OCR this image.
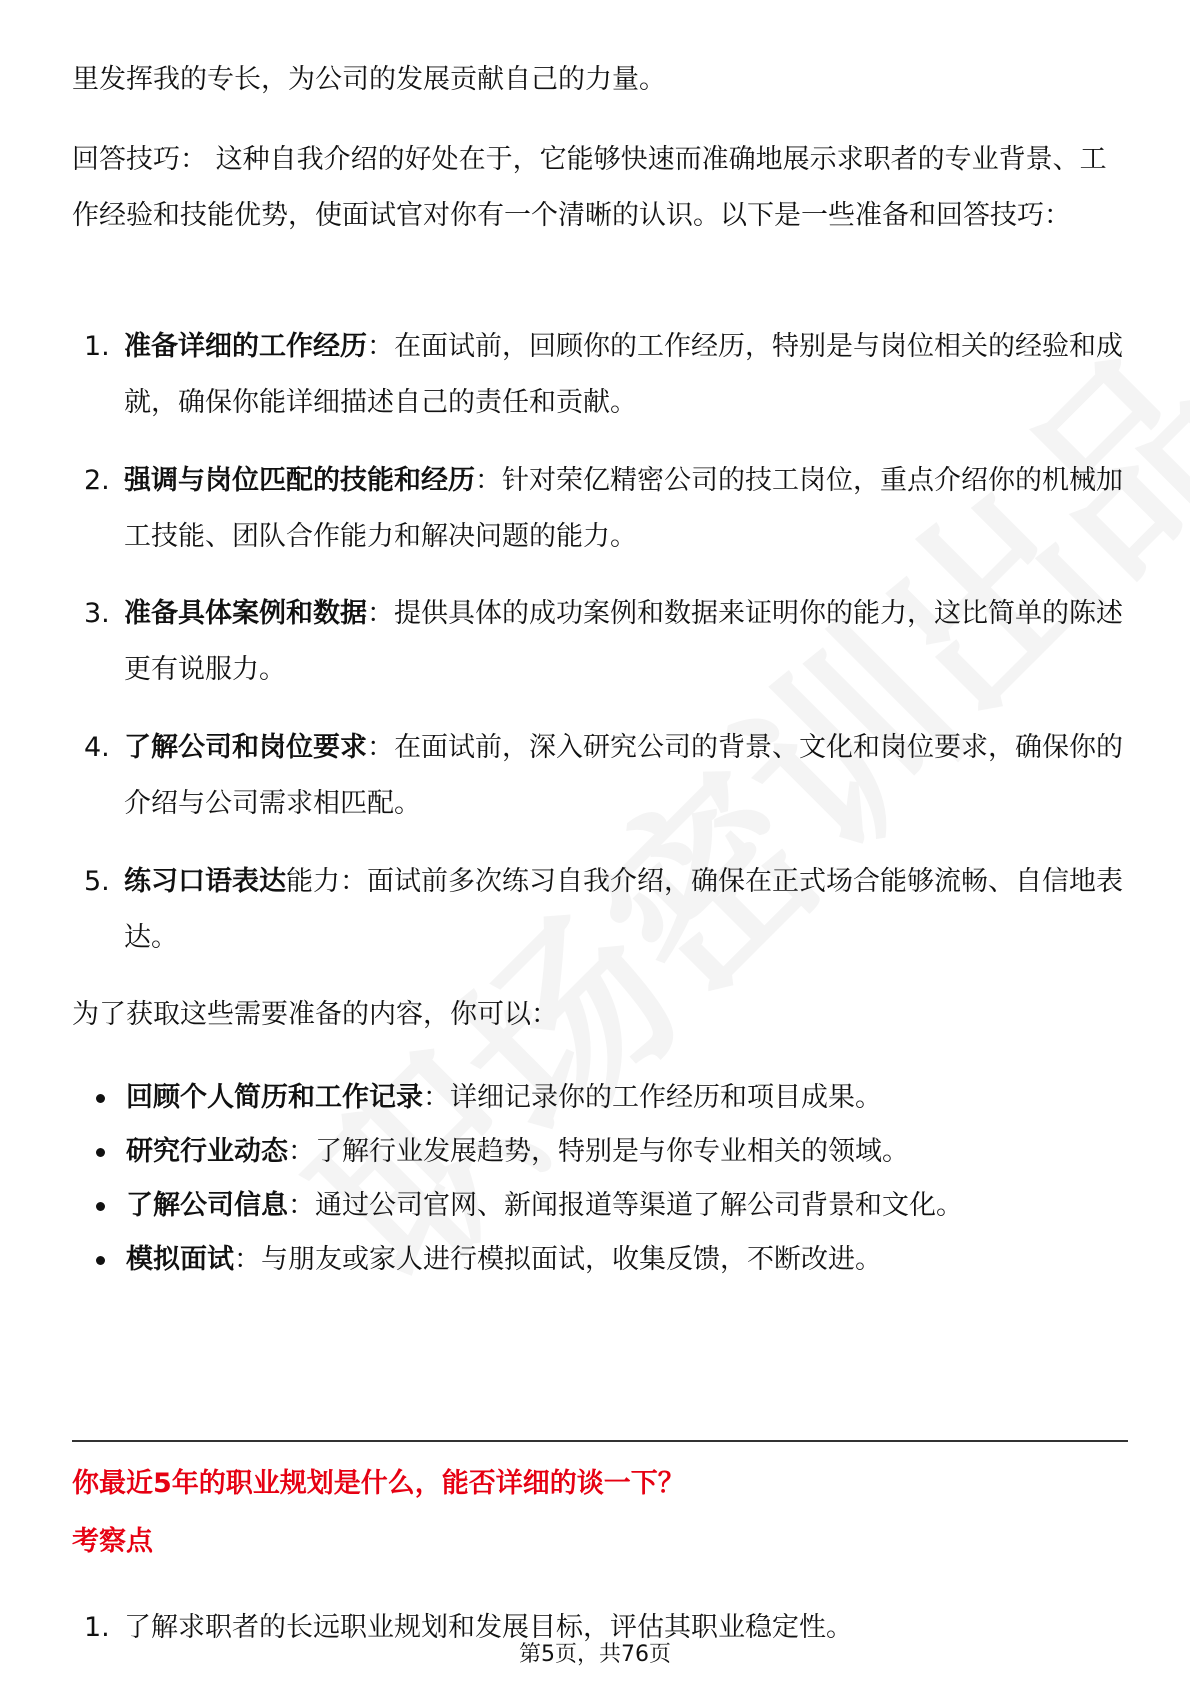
里发挥我的专长，为公司的发展贡献自己的力量。

回答技巧： 这种自我介绍的好处在于，它能够快速而准确地展示求职者的专业背景、工作经验和技能优势，使面试官对你有一个清晰的认识。以下是一些准备和回答技巧：

1. 准备详细的工作经历：在面试前，回顾你的工作经历，特别是与岗位相关的经验和成就，确保你能详细描述自己的责任和贡献。
2. 强调与岗位匹配的技能和经历：针对荣亿精密公司的技工岗位，重点介绍你的机械加工技能、团队合作能力和解决问题的能力。
3. 准备具体案例和数据：提供具体的成功案例和数据来证明你的能力，这比简单的陈述更有说服力。
4. 了解公司和岗位要求：在面试前，深入研究公司的背景、文化和岗位要求，确保你的介绍与公司需求相匹配。
5. 练习口语表达能力：面试前多次练习自我介绍，确保在正式场合能够流畅、自信地表达。

为了获取这些需要准备的内容，你可以：

回顾个人简历和工作记录：详细记录你的工作经历和项目成果。
研究行业动态：了解行业发展趋势，特别是与你专业相关的领域。
了解公司信息：通过公司官网、新闻报道等渠道了解公司背景和文化。
模拟面试：与朋友或家人进行模拟面试，收集反馈，不断改进。
你最近5年的职业规划是什么，能否详细的谈一下？
考察点
1. 了解求职者的长远职业规划和发展目标，评估其职业稳定性。
第5页，共76页
